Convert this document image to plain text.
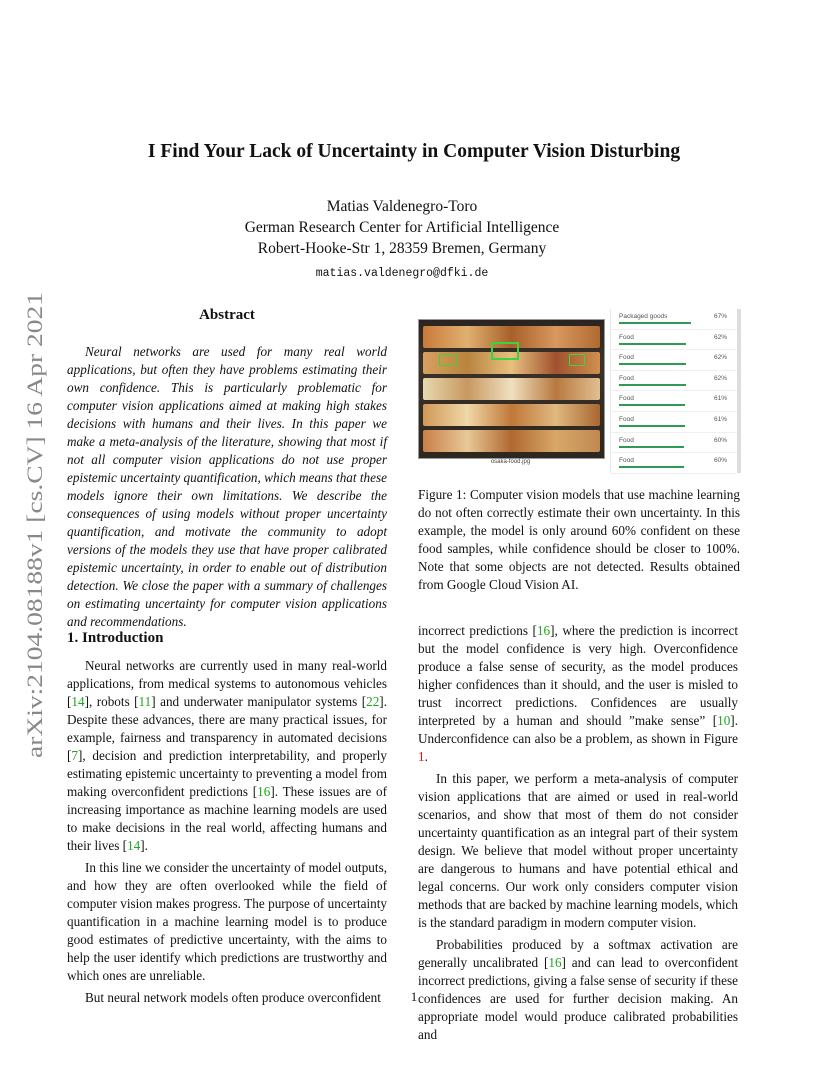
arXiv:2104.08188v1 [cs.CV] 16 Apr 2021
I Find Your Lack of Uncertainty in Computer Vision Disturbing
Matias Valdenegro-Toro
German Research Center for Artificial Intelligence
Robert-Hooke-Str 1, 28359 Bremen, Germany
matias.valdenegro@dfki.de
Abstract

Neural networks are used for many real world applications, but often they have problems estimating their own confidence. This is particularly problematic for computer vision applications aimed at making high stakes decisions with humans and their lives. In this paper we make a meta-analysis of the literature, showing that most if not all computer vision applications do not use proper epistemic uncertainty quantification, which means that these models ignore their own limitations. We describe the consequences of using models without proper uncertainty quantification, and motivate the community to adopt versions of the models they use that have proper calibrated epistemic uncertainty, in order to enable out of distribution detection. We close the paper with a summary of challenges on estimating uncertainty for computer vision applications and recommendations.

1. Introduction

Neural networks are currently used in many real-world applications, from medical systems to autonomous vehicles [14], robots [11] and underwater manipulator systems [22]. Despite these advances, there are many practical issues, for example, fairness and transparency in automated decisions [7], decision and prediction interpretability, and properly estimating epistemic uncertainty to preventing a model from making overconfident predictions [16]. These issues are of increasing importance as machine learning models are used to make decisions in the real world, affecting humans and their lives [14].

In this line we consider the uncertainty of model outputs, and how they are often overlooked while the field of computer vision makes progress. The purpose of uncertainty quantification in a machine learning model is to produce good estimates of predictive uncertainty, with the aims to help the user identify which predictions are trustworthy and which ones are unreliable.

But neural network models often produce overconfident

osaka-food.jpg
Packaged goods	67%
Food	62%
Food	62%
Food	62%
Food	61%
Food	61%
Food	60%
Food	60%
Figure 1: Computer vision models that use machine learning do not often correctly estimate their own uncertainty. In this example, the model is only around 60% confident on these food samples, while confidence should be closer to 100%. Note that some objects are not detected. Results obtained from Google Cloud Vision AI.

incorrect predictions [16], where the prediction is incorrect but the model confidence is very high. Overconfidence produce a false sense of security, as the model produces higher confidences than it should, and the user is misled to trust incorrect predictions. Confidences are usually interpreted by a human and should ”make sense” [10]. Underconfidence can also be a problem, as shown in Figure 1.

In this paper, we perform a meta-analysis of computer vision applications that are aimed or used in real-world scenarios, and show that most of them do not consider uncertainty quantification as an integral part of their system design. We believe that model without proper uncertainty are dangerous to humans and have potential ethical and legal concerns. Our work only considers computer vision methods that are backed by machine learning models, which is the standard paradigm in modern computer vision.

Probabilities produced by a softmax activation are generally uncalibrated [16] and can lead to overconfident incorrect predictions, giving a false sense of security if these confidences are used for further decision making. An appropriate model would produce calibrated probabilities and

1
